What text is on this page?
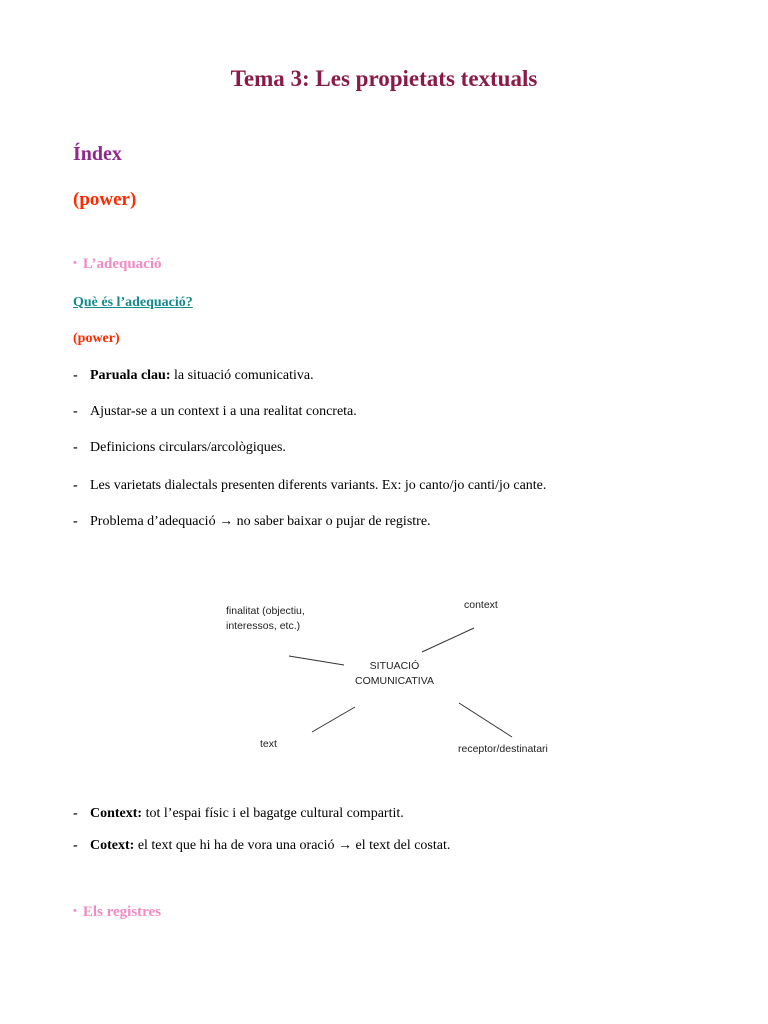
Tema 3: Les propietats textuals
Índex
(power)
• L’adequació
Què és l’adequació?
(power)
- Paruala clau: la situació comunicativa.
- Ajustar-se a un context i a una realitat concreta.
- Definicions circulars/arcològiques.
- Les varietats dialectals presenten diferents variants. Ex: jo canto/jo canti/jo cante.
- Problema d’adequació → no saber baixar o pujar de registre.
finalitat (objectiu,
interessos, etc.)
context
SITUACIÓ
COMUNICATIVA
text	receptor/destinatari
- Context: tot l’espai físic i el bagatge cultural compartit.
- Cotext: el text que hi ha de vora una oració → el text del costat.
• Els registres
